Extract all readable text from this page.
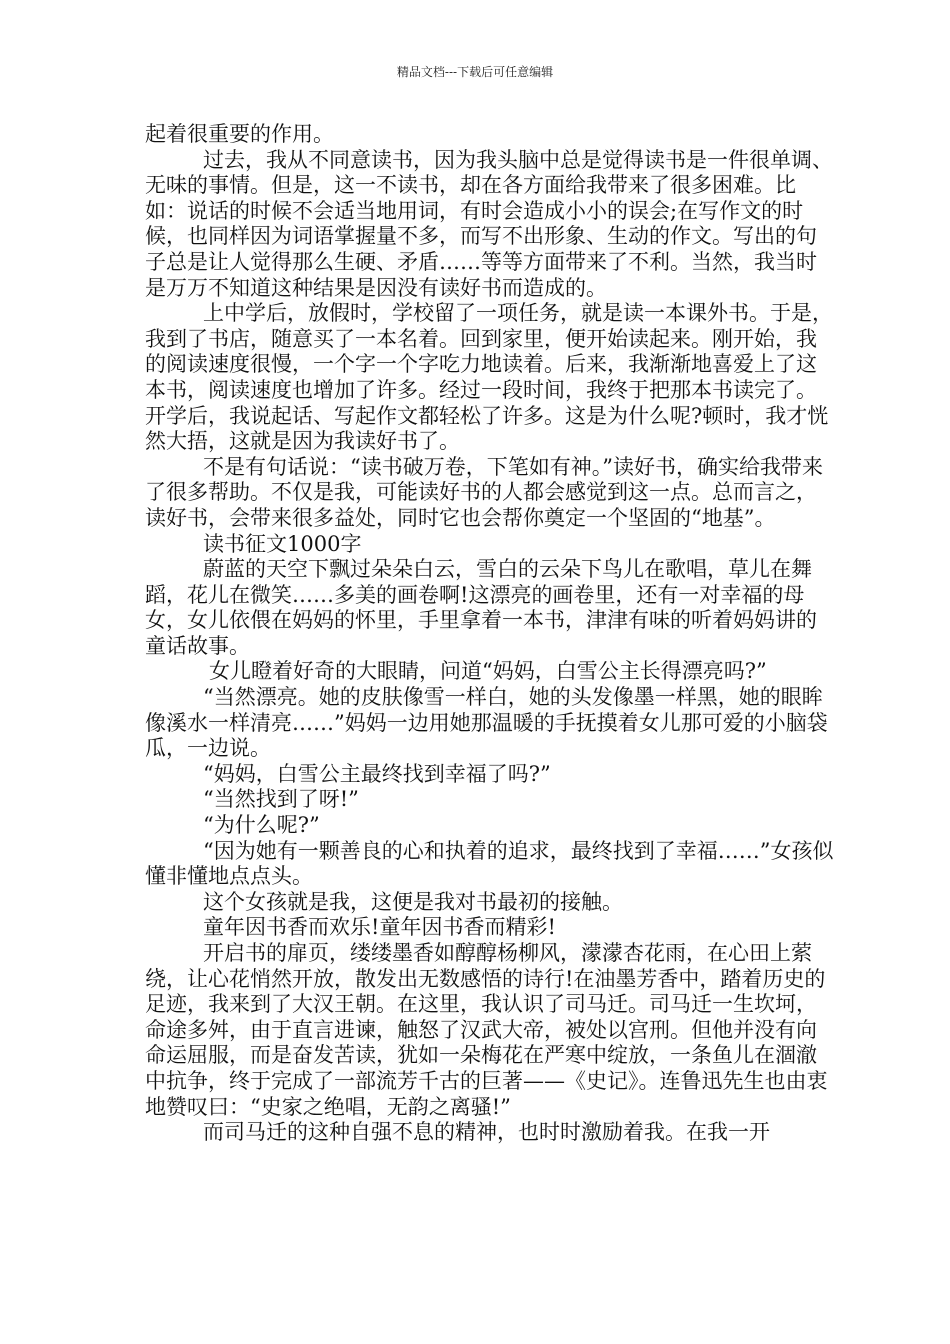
精品文档---下载后可任意编辑

起着很重要的作用。

过去，我从不同意读书，因为我头脑中总是觉得读书是一件很单调、无味的事情。但是，这一不读书，却在各方面给我带来了很多困难。比如：说话的时候不会适当地用词，有时会造成小小的误会;在写作文的时候，也同样因为词语掌握量不多，而写不出形象、生动的作文。写出的句子总是让人觉得那么生硬、矛盾……等等方面带来了不利。当然，我当时是万万不知道这种结果是因没有读好书而造成的。

上中学后，放假时，学校留了一项任务，就是读一本课外书。于是，我到了书店，随意买了一本名着。回到家里，便开始读起来。刚开始，我的阅读速度很慢，一个字一个字吃力地读着。后来，我渐渐地喜爱上了这本书，阅读速度也增加了许多。经过一段时间，我终于把那本书读完了。开学后，我说起话、写起作文都轻松了许多。这是为什么呢?顿时，我才恍然大捂，这就是因为我读好书了。

不是有句话说：“读书破万卷，下笔如有神。”读好书，确实给我带来了很多帮助。不仅是我，可能读好书的人都会感觉到这一点。总而言之，读好书，会带来很多益处，同时它也会帮你奠定一个坚固的“地基”。

读书征文1000字

蔚蓝的天空下飘过朵朵白云，雪白的云朵下鸟儿在歌唱，草儿在舞蹈，花儿在微笑……多美的画卷啊!这漂亮的画卷里，还有一对幸福的母女，女儿依偎在妈妈的怀里，手里拿着一本书，津津有味的听着妈妈讲的童话故事。

女儿瞪着好奇的大眼睛，问道“妈妈，白雪公主长得漂亮吗?”

“当然漂亮。她的皮肤像雪一样白，她的头发像墨一样黑，她的眼眸像溪水一样清亮……”妈妈一边用她那温暖的手抚摸着女儿那可爱的小脑袋瓜，一边说。

“妈妈，白雪公主最终找到幸福了吗?”

“当然找到了呀!”

“为什么呢?”

“因为她有一颗善良的心和执着的追求，最终找到了幸福……”女孩似懂非懂地点点头。

这个女孩就是我，这便是我对书最初的接触。

童年因书香而欢乐!童年因书香而精彩!

开启书的扉页，缕缕墨香如醇醇杨柳风，濛濛杏花雨，在心田上萦绕，让心花悄然开放，散发出无数感悟的诗行!在油墨芳香中，踏着历史的足迹，我来到了大汉王朝。在这里，我认识了司马迁。司马迁一生坎坷，命途多舛，由于直言进谏，触怒了汉武大帝，被处以宫刑。但他并没有向命运屈服，而是奋发苦读，犹如一朵梅花在严寒中绽放，一条鱼儿在涸澈中抗争，终于完成了一部流芳千古的巨著——《史记》。连鲁迅先生也由衷地赞叹曰：“史家之绝唱，无韵之离骚!”

而司马迁的这种自强不息的精神，也时时激励着我。在我一开
